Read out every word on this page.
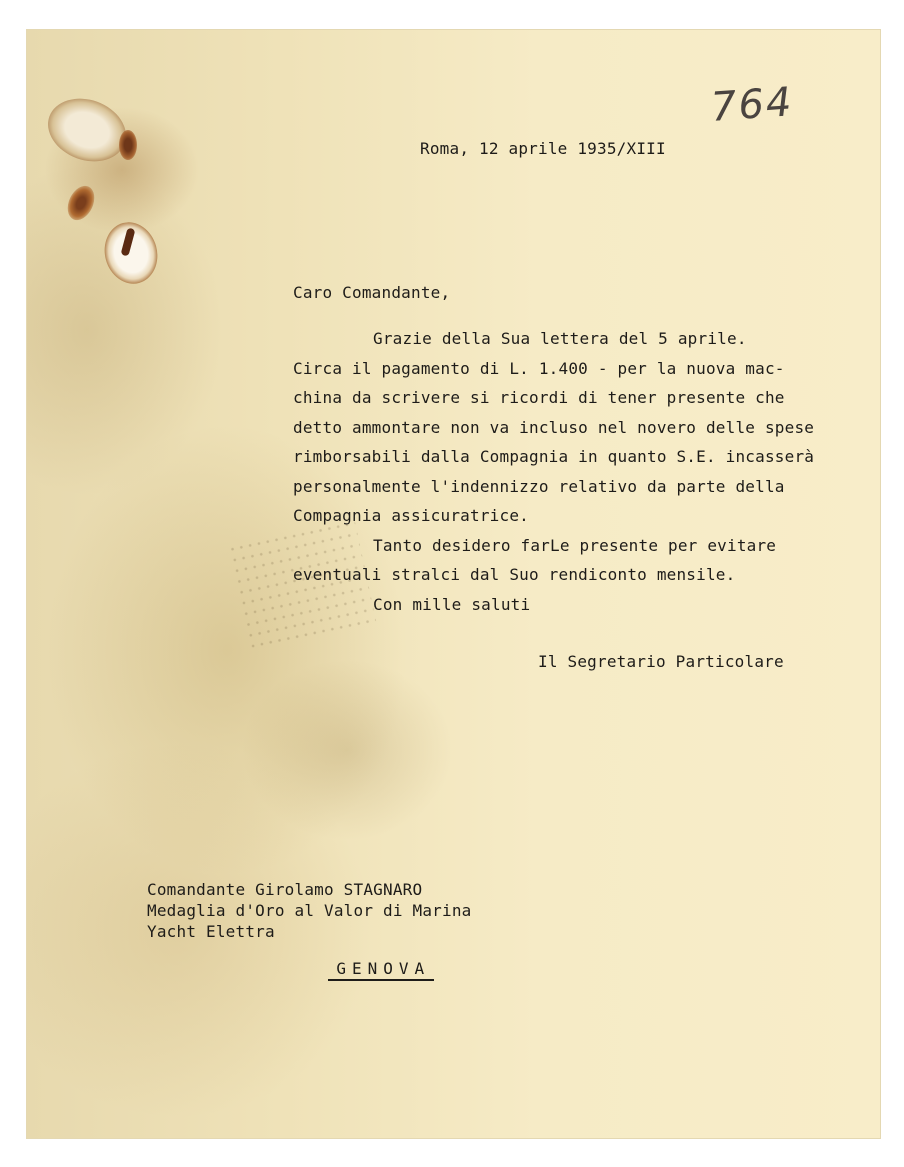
764
Roma, 12 aprile 1935/XIII
Caro Comandante,
Grazie della Sua lettera del 5 aprile.
Circa il pagamento di L. 1.400 - per la nuova mac-
china da scrivere si ricordi di tener presente che
detto ammontare non va incluso nel novero delle spese
rimborsabili dalla Compagnia in quanto S.E. incasserà
personalmente l'indennizzo relativo da parte della
Compagnia assicuratrice.
Tanto desidero farLe presente per evitare
eventuali stralci dal Suo rendiconto mensile.
Con mille saluti
Il Segretario Particolare
Comandante Girolamo STAGNARO
Medaglia d'Oro al Valor di Marina
Yacht Elettra

GENOVA
